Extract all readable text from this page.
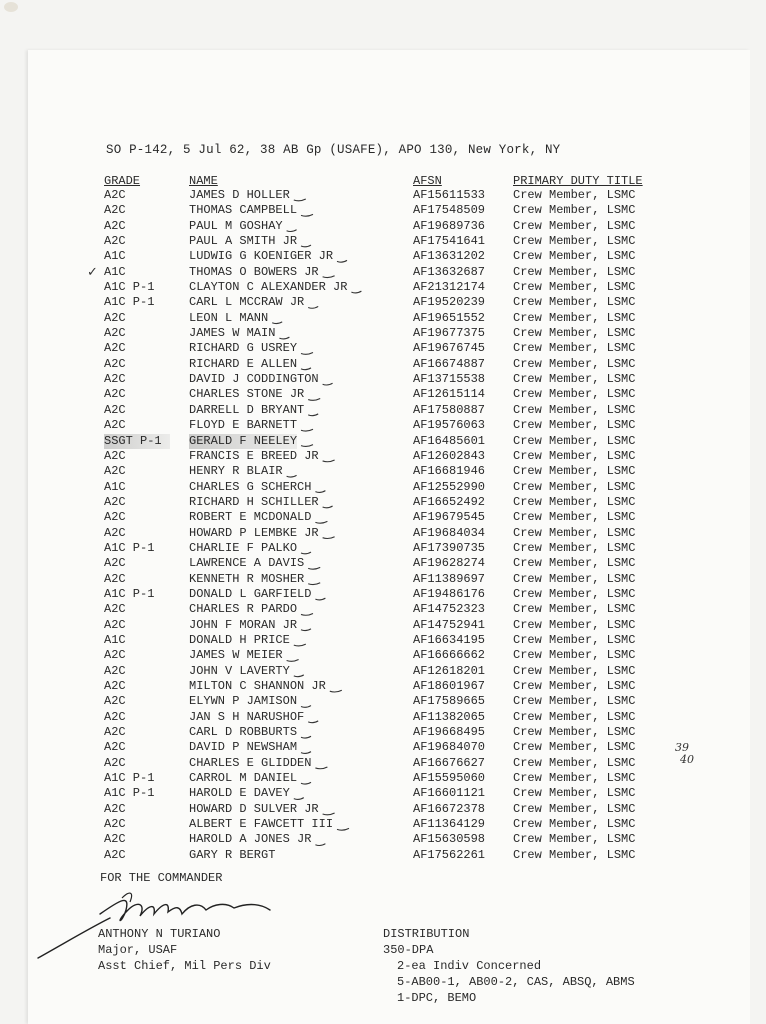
SO P-142, 5 Jul 62, 38 AB Gp (USAFE), APO 130, New York, NY
GRADE	NAME	AFSN	PRIMARY DUTY TITLE
A2C	JAMES D HOLLER	AF15611533 Crew Member, LSMC
A2C	THOMAS CAMPBELL	AF17548509 Crew Member, LSMC
A2C	PAUL M GOSHAY	AF19689736 Crew Member, LSMC
A2C	PAUL A SMITH JR	AF17541641 Crew Member, LSMC
A1C	LUDWIG G KOENIGER JR	AF13631202 Crew Member, LSMC
A1C	THOMAS O BOWERS JR	AF13632687 Crew Member, LSMC
A1C P-1	CLAYTON C ALEXANDER JR	AF21312174 Crew Member, LSMC
A1C P-1	CARL L MCCRAW JR	AF19520239 Crew Member, LSMC
A2C	LEON L MANN	AF19651552 Crew Member, LSMC
A2C	JAMES W MAIN	AF19677375 Crew Member, LSMC
A2C	RICHARD G USREY	AF19676745 Crew Member, LSMC
A2C	RICHARD E ALLEN	AF16674887 Crew Member, LSMC
A2C	DAVID J CODDINGTON	AF13715538 Crew Member, LSMC
A2C	CHARLES STONE JR	AF12615114 Crew Member, LSMC
A2C	DARRELL D BRYANT	AF17580887 Crew Member, LSMC
A2C	FLOYD E BARNETT	AF19576063 Crew Member, LSMC
SSGT P-1	GERALD F NEELEY	AF16485601 Crew Member, LSMC
A2C	FRANCIS E BREED JR	AF12602843 Crew Member, LSMC
A2C	HENRY R BLAIR	AF16681946 Crew Member, LSMC
A1C	CHARLES G SCHERCH	AF12552990 Crew Member, LSMC
A2C	RICHARD H SCHILLER	AF16652492 Crew Member, LSMC
A2C	ROBERT E MCDONALD	AF19679545 Crew Member, LSMC
A2C	HOWARD P LEMBKE JR	AF19684034 Crew Member, LSMC
A1C P-1	CHARLIE F PALKO	AF17390735 Crew Member, LSMC
A2C	LAWRENCE A DAVIS	AF19628274 Crew Member, LSMC
A2C	KENNETH R MOSHER	AF11389697 Crew Member, LSMC
A1C P-1	DONALD L GARFIELD	AF19486176 Crew Member, LSMC
A2C	CHARLES R PARDO	AF14752323 Crew Member, LSMC
A2C	JOHN F MORAN JR	AF14752941 Crew Member, LSMC
A1C	DONALD H PRICE	AF16634195 Crew Member, LSMC
A2C	JAMES W MEIER	AF16666662 Crew Member, LSMC
A2C	JOHN V LAVERTY	AF12618201 Crew Member, LSMC
A2C	MILTON C SHANNON JR	AF18601967 Crew Member, LSMC
A2C	ELYWN P JAMISON	AF17589665 Crew Member, LSMC
A2C	JAN S H NARUSHOF	AF11382065 Crew Member, LSMC
A2C	CARL D ROBBURTS	AF19668495 Crew Member, LSMC
A2C	DAVID P NEWSHAM	AF19684070 Crew Member, LSMC
A2C	CHARLES E GLIDDEN	AF16676627 Crew Member, LSMC
A1C P-1	CARROL M DANIEL	AF15595060 Crew Member, LSMC
A1C P-1	HAROLD E DAVEY	AF16601121 Crew Member, LSMC
A2C	HOWARD D SULVER JR	AF16672378 Crew Member, LSMC
A2C	ALBERT E FAWCETT III	AF11364129 Crew Member, LSMC
A2C	HAROLD A JONES JR	AF15630598 Crew Member, LSMC
A2C	GARY R BERGT	AF17562261 Crew Member, LSMC
✓
39
40
FOR THE COMMANDER
ANTHONY N TURIANO
Major, USAF
Asst Chief, Mil Pers Div
DISTRIBUTION
350-DPA
2-ea Indiv Concerned
5-AB00-1, AB00-2, CAS, ABSQ, ABMS
1-DPC, BEMO
